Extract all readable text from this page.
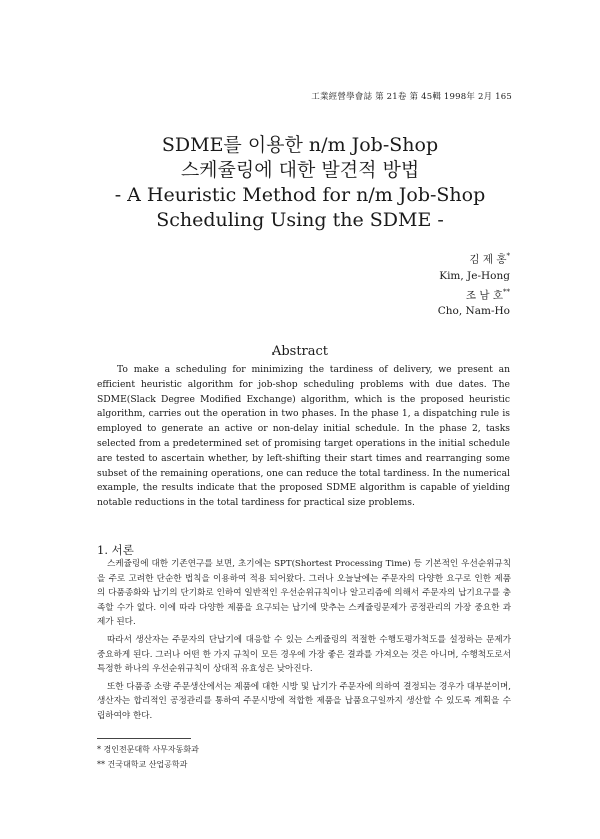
工業經營學會誌 第 21卷 第 45輯 1998年 2月 165
SDME를 이용한 n/m Job-Shop
스케쥴링에 대한 발견적 방법
- A Heuristic Method for n/m Job-Shop
Scheduling Using the SDME -
김 제 홍*
Kim, Je-Hong
조 남 호**
Cho, Nam-Ho
Abstract
To make a scheduling for minimizing the tardiness of delivery, we present an efficient heuristic algorithm for job-shop scheduling problems with due dates. The SDME(Slack Degree Modified Exchange) algorithm, which is the proposed heuristic algorithm, carries out the operation in two phases. In the phase 1, a dispatching rule is employed to generate an active or non-delay initial schedule. In the phase 2, tasks selected from a predetermined set of promising target operations in the initial schedule are tested to ascertain whether, by left-shifting their start times and rearranging some subset of the remaining operations, one can reduce the total tardiness. In the numerical example, the results indicate that the proposed SDME algorithm is capable of yielding notable reductions in the total tardiness for practical size problems.
1. 서론

스케쥴링에 대한 기존연구를 보면, 초기에는 SPT(Shortest Processing Time) 등 기본적인 우선순위규칙을 주로 고려한 단순한 법칙을 이용하여 적용 되어왔다. 그러나 오늘날에는 주문자의 다양한 요구로 인한 제품의 다품종화와 납기의 단기화로 인하여 일반적인 우선순위규칙이나 알고리즘에 의해서 주문자의 납기요구를 충족할 수가 없다. 이에 따라 다양한 제품을 요구되는 납기에 맞추는 스케쥴링문제가 공정관리의 가장 중요한 과제가 된다.

따라서 생산자는 주문자의 단납기에 대응할 수 있는 스케쥴링의 적절한 수행도평가척도를 설정하는 문제가 중요하게 된다. 그러나 어떤 한 가지 규칙이 모든 경우에 가장 좋은 결과를 가져오는 것은 아니며, 수행척도로서 특정한 하나의 우선순위규칙이 상대적 유효성은 낮아진다.

또한 다품종 소량 주문생산에서는 제품에 대한 시방 및 납기가 주문자에 의하여 결정되는 경우가 대부분이며, 생산자는 합리적인 공정관리를 통하여 주문시방에 적합한 제품을 납품요구일까지 생산할 수 있도록 계획을 수립하여야 한다.

* 경인전문대학 사무자동화과
** 건국대학교 산업공학과
